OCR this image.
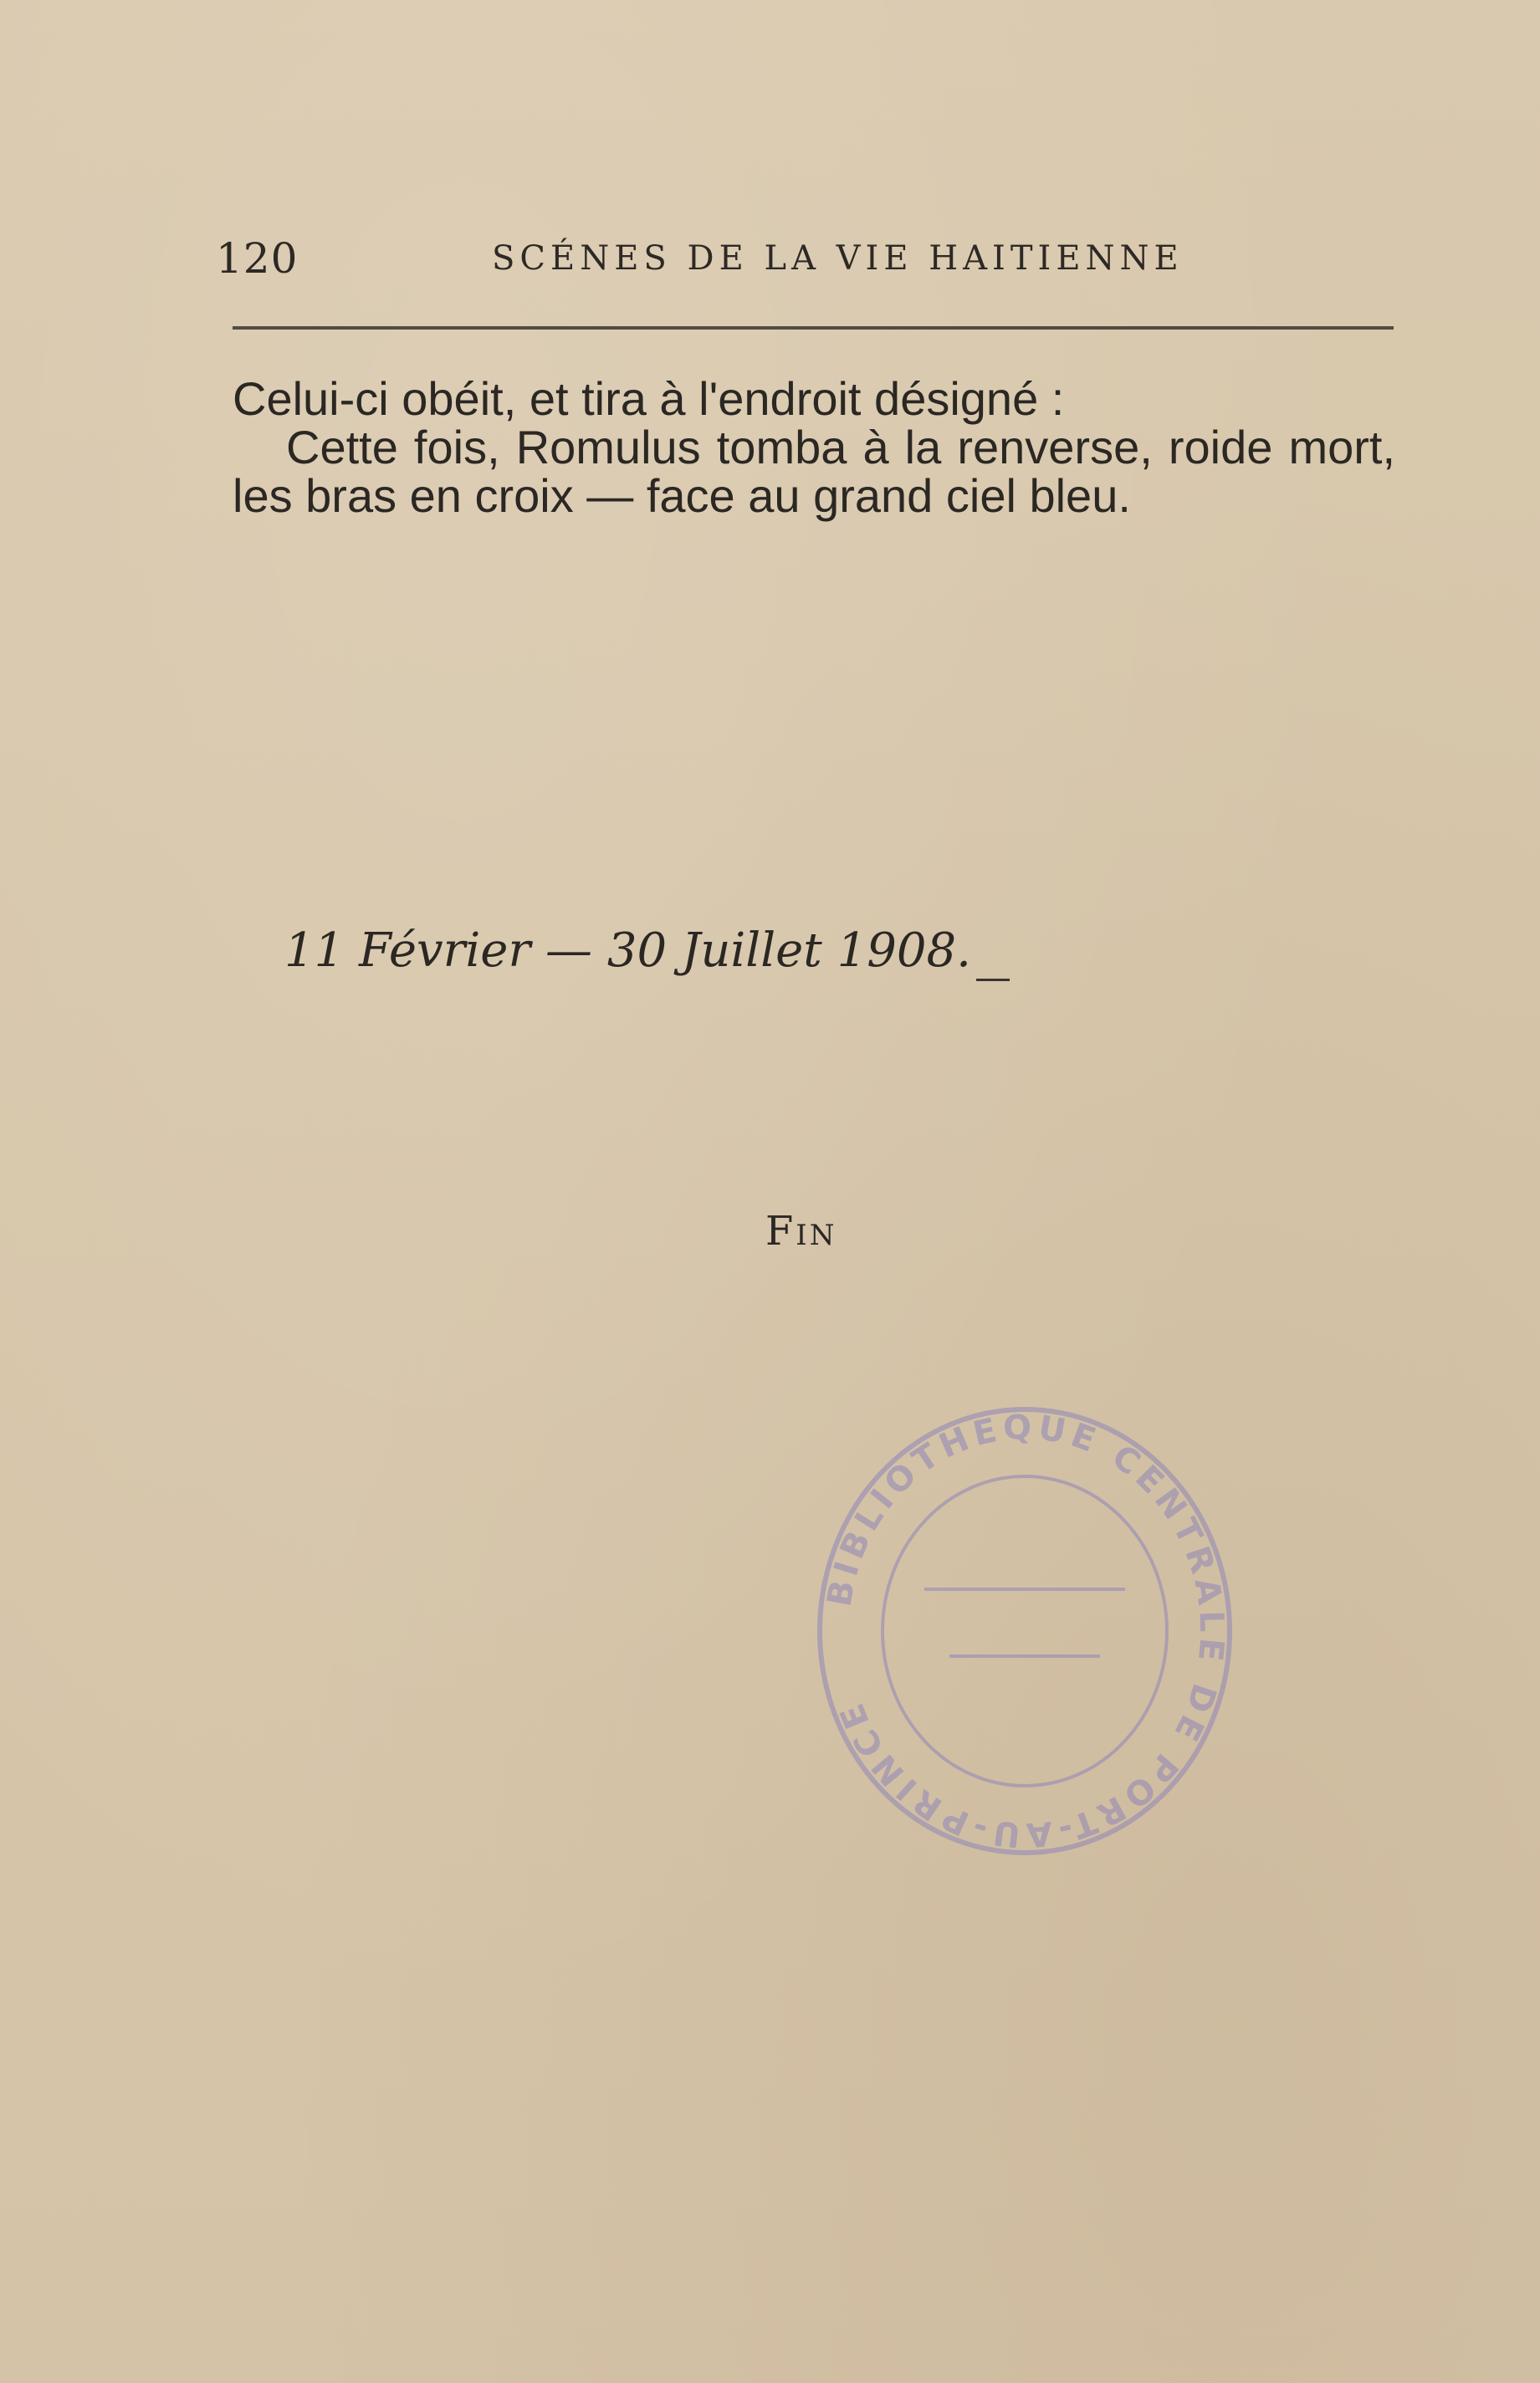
120	SCÉNES DE LA VIE HAITIENNE

Celui-ci obéit, et tira à l'endroit désigné :

Cette fois, Romulus tomba à la renverse, roide mort, les bras en croix — face au grand ciel bleu.

11 Février — 30 Juillet 1908.
Fin
BIBLIOTHÈQUE CENTRALE DE PORT-AU-PRINCE
